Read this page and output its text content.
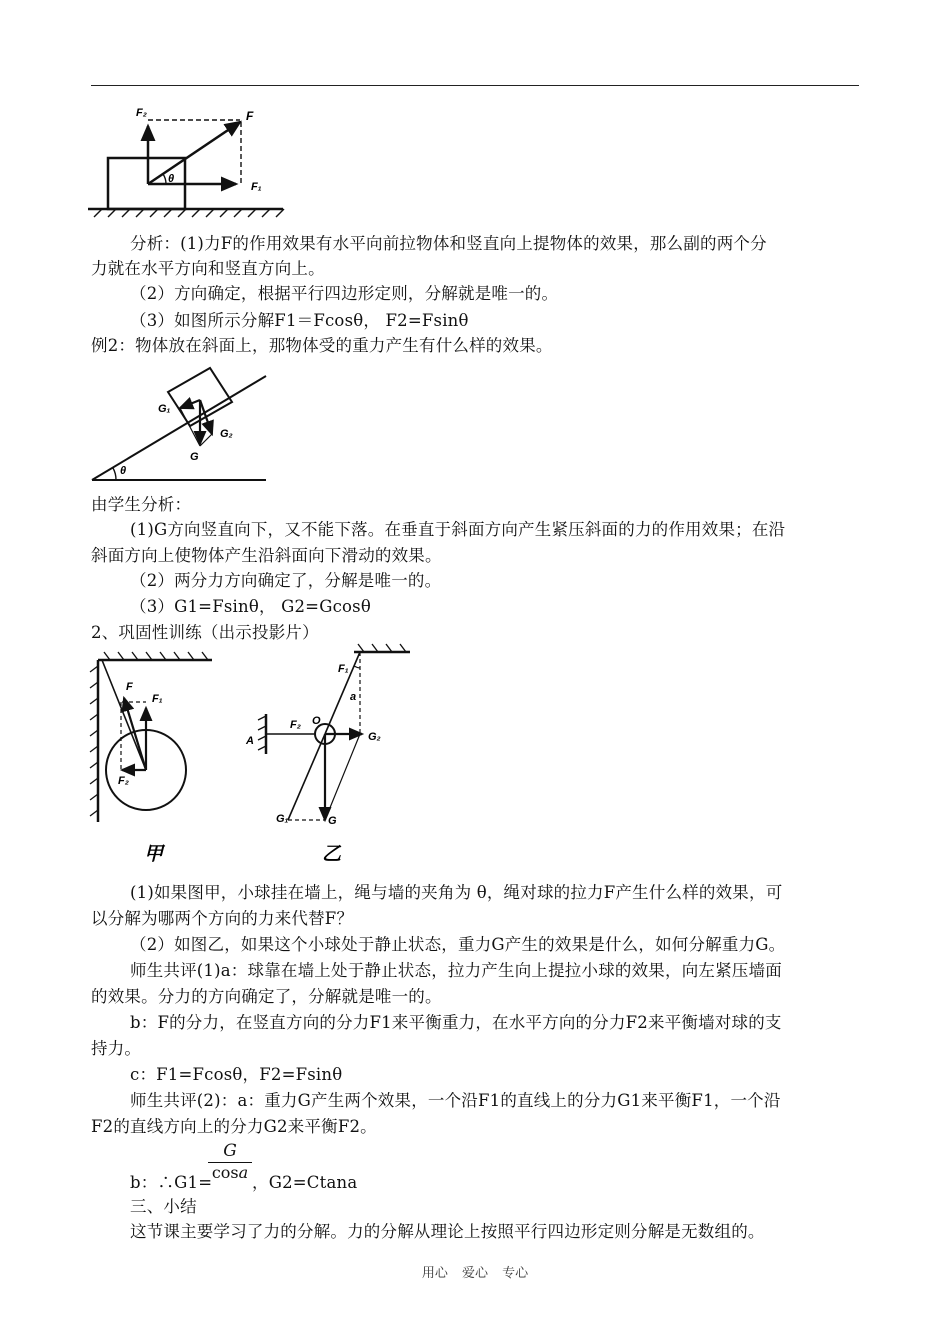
F₂	F
θ
F₁
分析：(1)力F的作用效果有水平向前拉物体和竖直向上提物体的效果，那么副的两个分
力就在水平方向和竖直方向上。
（2）方向确定，根据平行四边形定则，分解就是唯一的。
（3）如图所示分解F1＝Fcosθ， F2=Fsinθ
例2：物体放在斜面上，那物体受的重力产生有什么样的效果。
G₁
θ
G₂
G
由学生分析：
(1)G方向竖直向下，又不能下落。在垂直于斜面方向产生紧压斜面的力的作用效果；在沿
斜面方向上使物体产生沿斜面向下滑动的效果。
（2）两分力方向确定了，分解是唯一的。
（3）G1=Fsinθ， G2=Gcosθ
2、巩固性训练（出示投影片）
F
F₁
F₂
甲
F₁
a
F₂ O
G₂
A
G₁	G
乙
(1)如果图甲，小球挂在墙上，绳与墙的夹角为 θ，绳对球的拉力F产生什么样的效果，可
以分解为哪两个方向的力来代替F？
（2）如图乙，如果这个小球处于静止状态，重力G产生的效果是什么，如何分解重力G。
师生共评(1)a：球靠在墙上处于静止状态，拉力产生向上提拉小球的效果，向左紧压墙面
的效果。分力的方向确定了，分解就是唯一的。
b：F的分力，在竖直方向的分力F1来平衡重力，在水平方向的分力F2来平衡墙对球的支
持力。
c：F1=Fcosθ，F2=Fsinθ
师生共评(2)：a：重力G产生两个效果，一个沿F1的直线上的分力G1来平衡F1，一个沿
F2的直线方向上的分力G2来平衡F2。
b：∴G1=
G
cosa
，G2=Ctana
三、小结
这节课主要学习了力的分解。力的分解从理论上按照平行四边形定则分解是无数组的。
用心 爱心 专心
